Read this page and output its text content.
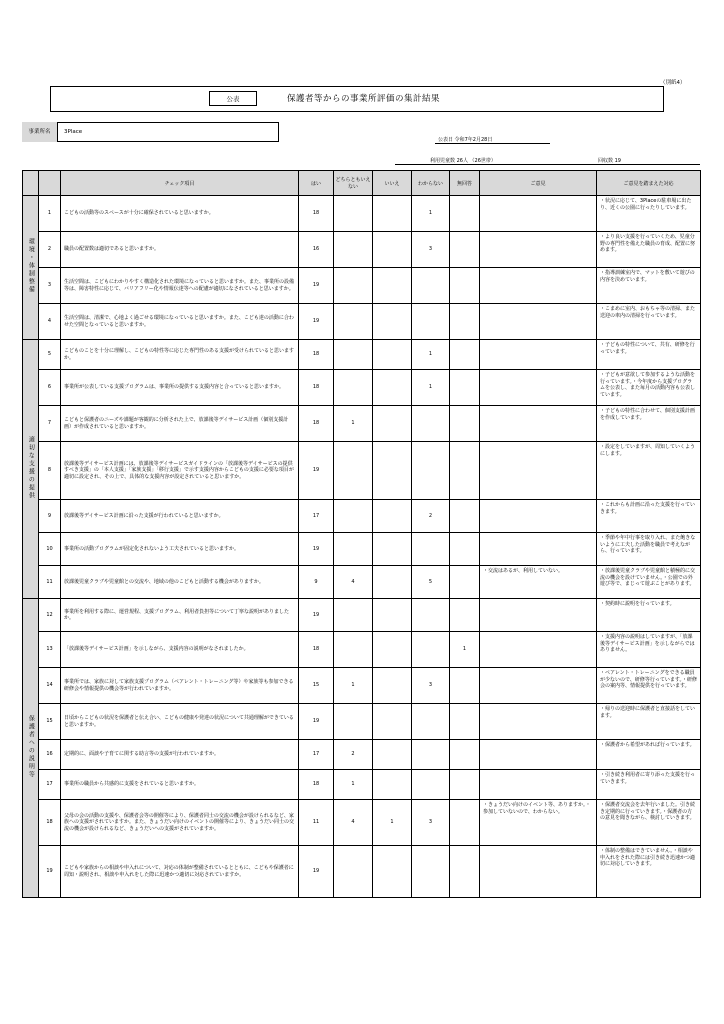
（別紙4）
公表	保護者等からの事業所評価の集計結果
事業所名	3Place
公表日 令和7年2月28日
利用児童数 26人 （26世帯）	回収数 19
		チェック項目	はい	どちらともいえない	いいえ	わからない	無回答	ご意見	ご意見を踏まえた対応
環境・体制整備	1	こどもの活動等のスペースが十分に確保されていると思いますか。	18			1			・状況に応じて、3Placeの駐車場に出たり、近くの公園に行ったりしています。
	2	職員の配置数は適切であると思いますか。	16			3			・より良い支援を行っていくため、児童分野の専門性を備えた職員の育成、配置に努めます。
	3	生活空間は、こどもにわかりやすく構造化された環境になっていると思いますか。また、事業所の設備等は、障害特性に応じて、バリアフリー化や情報伝達等への配慮が適切になされていると思いますか。	19						・指導訓練室内で、マットを敷いて遊びの内容を決めています。
	4	生活空間は、清潔で、心地よく過ごせる環境になっていると思いますか。また、こども達の活動に合わせた空間となっていると思いますか。	19						・こまめに室内、おもちゃ等の清掃、また送迎の車内の清掃を行っています。
適切な支援の提供	5	こどものことを十分に理解し、こどもの特性等に応じた専門性のある支援が受けられていると思いますか。	18			1			・子どもの特性について、共有、研修を行っています。
	6	事業所が公表している支援プログラムは、事業所の提供する支援内容と合っていると思いますか。	18			1			・子どもが意欲して参加するような活動を行っています。・今年度から支援プログラムを公表し、また毎月の活動内容も公表しています。
	7	こどもと保護者のニーズや課題が客観的に分析された上で、放課後等デイサービス計画（個別支援計画）が作成されていると思いますか。	18	1					・子どもの特性に合わせて、個別支援計画を作成しています。
	8	放課後等デイサービス計画には、放課後等デイサービスガイドラインの「放課後等デイサービスの提供すべき支援」の「本人支援」「家族支援」「移行支援」で示す支援内容からこどもの支援に必要な項目が適切に設定され、その上で、具体的な支援内容が設定されていると思いますか。	19						・設定をしていますが、周知していくようにします。
	9	放課後等デイサービス計画に沿った支援が行われていると思いますか。	17			2			・これからも計画に沿った支援を行っていきます。
	10	事業所の活動プログラムが固定化されないよう工夫されていると思いますか。	19						・季節や年中行事を取り入れ、また飽きないように工夫した活動を職員で考えながら、行っています。
	11	放課後児童クラブや児童館との交流や、地域の他のこどもと活動する機会がありますか。	9	4		5		・交流はあるが、利用していない。	・放課後児童クラブや児童館と積極的に交流の機会を設けていません。・公園での外遊び等で、まじって遊ぶことがあります。
保護者への説明等	12	事業所を利用する際に、運営規程、支援プログラム、利用者負担等について丁寧な説明がありましたか。	19						・契約時に説明を行っています。
	13	「放課後等デイサービス計画」を示しながら、支援内容の説明がなされましたか。	18				1		・支援内容の説明はしていますが、「放課後等デイサービス計画」を示しながらではありません。
	14	事業所では、家族に対して家族支援プログラム（ペアレント・トレーニング等）や家族等も参加できる研修会や情報提供の機会等が行われていますか。	15	1		3			・ペアレント・トレーニングをできる職員が少ないので、研修等行っています。・研修会の案内等、情報提供を行っています。
	15	日頃からこどもの状況を保護者と伝え合い、こどもの健康や発達の状況について共通理解ができていると思いますか。	19						・帰りの送迎時に保護者と直接話をしています。
	16	定期的に、面談や子育てに関する助言等の支援が行われていますか。	17	2					・保護者から希望があれば行っています。
	17	事業所の職員から共感的に支援をされていると思いますか。	18	1					・引き続き利用者に寄り添った支援を行っていきます。
	18	父母の会の活動の支援や、保護者会等の開催等により、保護者同士の交流の機会が設けられるなど、家族への支援がされていますか。また、きょうだい向けのイベントの開催等により、きょうだい同士の交流の機会が設けられるなど、きょうだいへの支援がされていますか。	11	4	1	3		・きょうだい向けのイベント等、ありますか。・参加していないので、わからない。	・保護者交流会を去年行いました。引き続き定期的に行っていきます。・保護者の方の意見を聞きながら、検討していきます。
	19	こどもや家族からの相談や申入れについて、対応の体制が整備されているとともに、こどもや保護者に周知・説明され、相談や申入れをした際に迅速かつ適切に対応されていますか。	19						・体制の整備はできていません。・相談や申入れをされた際には引き続き迅速かつ適切に対応していきます。
